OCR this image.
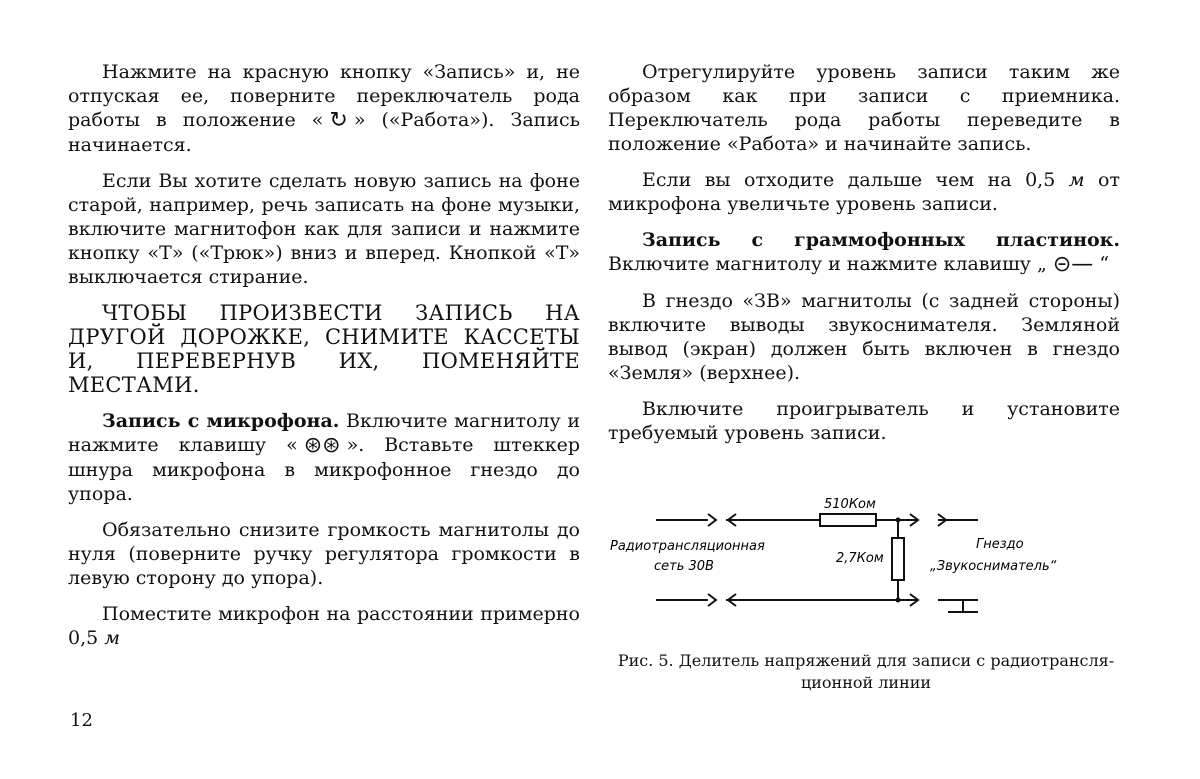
Нажмите на красную кнопку «Запись» и, не отпуская ее, поверните переключатель рода работы в положение « ↻ » («Работа»). Запись начинается.

Если Вы хотите сделать новую запись на фоне старой, например, речь записать на фоне музыки, включите магнитофон как для записи и нажмите кнопку «Т» («Трюк») вниз и вперед. Кнопкой «Т» выключается стирание.

ЧТОБЫ ПРОИЗВЕСТИ ЗАПИСЬ НА ДРУГОЙ ДОРОЖКЕ, СНИМИТЕ КАССЕТЫ И, ПЕРЕВЕРНУВ ИХ, ПОМЕНЯЙТЕ МЕСТАМИ.

Запись с микрофона. Включите магнитолу и нажмите клавишу « ⊛⊛ ». Вставьте штеккер шнура микрофона в микрофонное гнездо до упора.

Обязательно снизите громкость магнитолы до нуля (поверните ручку регулятора громкости в левую сторону до упора).

Поместите микрофон на расстоянии примерно 0,5 м

Отрегулируйте уровень записи таким же образом как при записи с приемника. Переключатель рода работы переведите в положение «Работа» и начинайте запись.

Если вы отходите дальше чем на 0,5 м от микрофона увеличьте уровень записи.

Запись с граммофонных пластинок. Включите магнитолу и нажмите клавишу „ ⊝— “

В гнездо «ЗВ» магнитолы (с задней стороны) включите выводы звукоснимателя. Земляной вывод (экран) должен быть включен в гнездо «Земля» (верхнее).

Включите проигрыватель и установите требуемый уровень записи.

510Ком
2,7Ком
Радиотрансляционная
сеть 30В
Гнездо
„Звукосниматель“
Рис. 5. Делитель напряжений для записи с радиотрансля-
ционной линии
12
